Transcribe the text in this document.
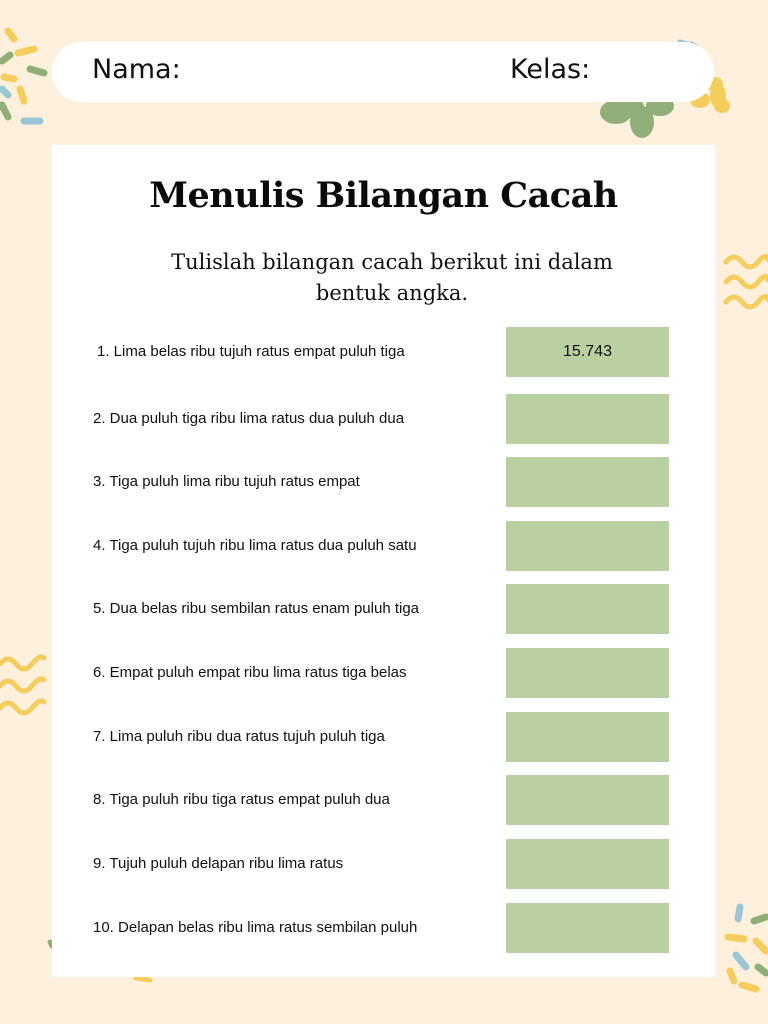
Nama:	Kelas:
Menulis Bilangan Cacah
Tulislah bilangan cacah berikut ini dalam
bentuk angka.
1. Lima belas ribu tujuh ratus empat puluh tiga	15.743
2. Dua puluh tiga ribu lima ratus dua puluh dua
3. Tiga puluh lima ribu tujuh ratus empat
4. Tiga puluh tujuh ribu lima ratus dua puluh satu
5. Dua belas ribu sembilan ratus enam puluh tiga
6. Empat puluh empat ribu lima ratus tiga belas
7. Lima puluh ribu dua ratus tujuh puluh tiga
8. Tiga puluh ribu tiga ratus empat puluh dua
9. Tujuh puluh delapan ribu lima ratus
10. Delapan belas ribu lima ratus sembilan puluh
